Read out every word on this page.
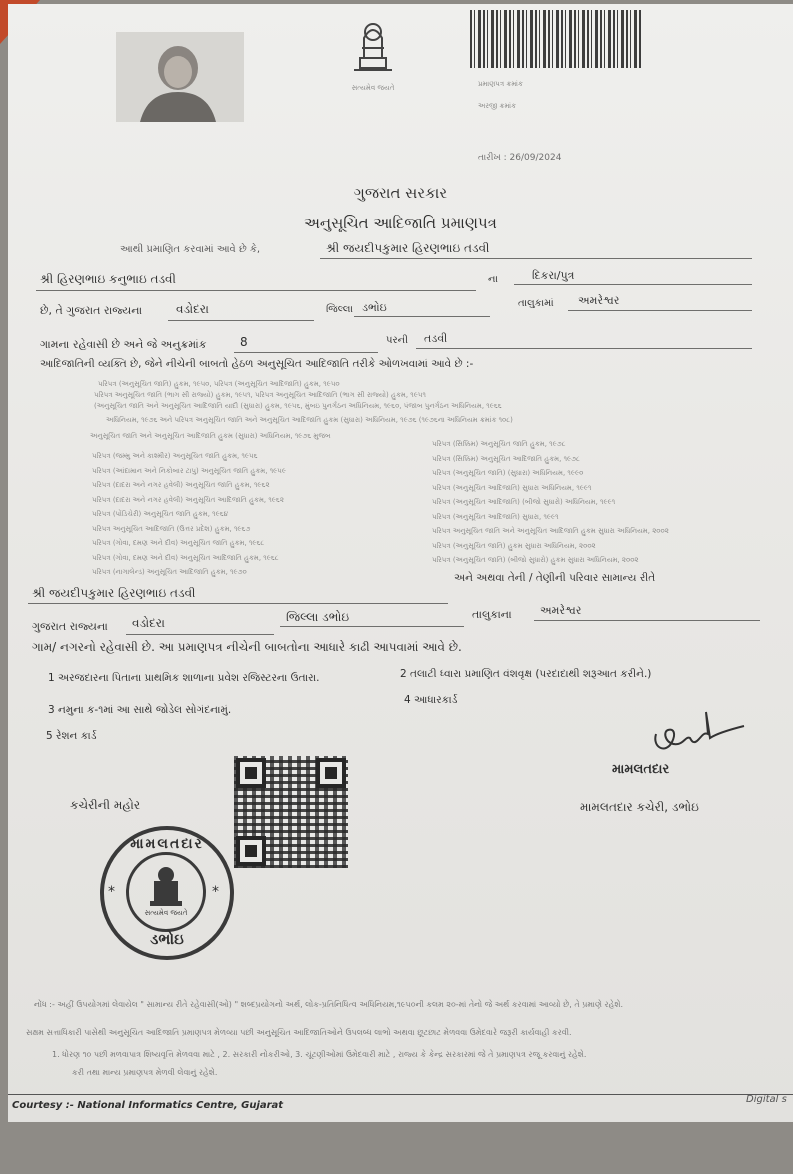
સત્યમેવ જયતે	પ્રમાણપત્ર ક્રમાંક
અરજી ક્રમાંક
તારીખ : 26/09/2024
ગુજરાત સરકાર
અનુસૂચિત આદિજાતિ પ્રમાણપત્ર
આથી પ્રમાણિત કરવામાં આવે છે કે,	શ્રી જયદીપકુમાર હિરણભાઇ તડવી
શ્રી હિરણભાઇ કનુભાઇ તડવી	ના	દિકરા/પુત્ર
છે, તે ગુજરાત રાજ્યના	વડોદરા	જિલ્લા ડભોઇ	તાલુકામાં અમરેશ્વર
ગામના રહેવાસી છે અને જે અનુક્રમાંક	8	પરની તડવી
આદિજાતિની વ્યક્તિ છે, જેને નીચેની બાબતો હેઠળ અનુસૂચિત આદિજાતિ તરીકે ઓળખવામાં આવે છે :-
પરિપત્ર (અનુસૂચિત જાતિ) હુકમ, ૧૯૫૦, પરિપત્ર (અનુસૂચિત આદિજાતિ) હુકમ, ૧૯૫૦
પરિપત્ર અનુસૂચિત જાતિ (ભાગ સી રાજ્યો) હુકમ, ૧૯૫૧, પરિપત્ર અનુસૂચિત આદિજાતિ (ભાગ સી રાજ્યો) હુકમ, ૧૯૫૧
(અનુસૂચિત જાતિ અને અનુસૂચિત આદિજાતિ યાદી (સુધારા) હુકમ, ૧૯૫૬, મુંબઇ પુનર્ગઠન અધિનિયમ, ૧૯૬૦, પંજાબ પુનર્ગઠન અધિનિયમ, ૧૯૬૬
અધિનિયમ, ૧૯૭૬ અને પરિપત્ર અનુસૂચિત જાતિ અને અનુસૂચિત આદિજાતિ હુકમ (સુધારા) અધિનિયમ, ૧૯૭૬ (૧૯૭૬ના અધિનિયમ ક્રમાંક ૧૦૮)
અનુસૂચિત જાતિ અને અનુસૂચિત આદિજાતિ હુકમ (સુધારા) અધિનિયમ, ૧૯૭૬ મુજબ
પરિપત્ર (જમ્મુ અને કાશ્મીર) અનુસૂચિત જાતિ હુકમ, ૧૯૫૬
પરિપત્ર (આંદામાન અને નિકોબાર ટાપુ) અનુસૂચિત જાતિ હુકમ, ૧૯૫૯
પરિપત્ર (દાદરા અને નગર હવેલી) અનુસૂચિત જાતિ હુકમ, ૧૯૬૨
પરિપત્ર (દાદરા અને નગર હવેલી) અનુસૂચિત આદિજાતિ હુકમ, ૧૯૬૨
પરિપત્ર (પોંડિચેરી) અનુસૂચિત જાતિ હુકમ, ૧૯૬૪
પરિપત્ર અનુસૂચિત આદિજાતિ (ઉત્તર પ્રદેશ) હુકમ, ૧૯૬૭
પરિપત્ર (ગોવા, દમણ અને દીવ) અનુસૂચિત જાતિ હુકમ, ૧૯૬૮
પરિપત્ર (ગોવા, દમણ અને દીવ) અનુસૂચિત આદિજાતિ હુકમ, ૧૯૬૮
પરિપત્ર (નાગાલેન્ડ) અનુસૂચિત આદિજાતિ હુકમ, ૧૯૭૦
પરિપત્ર (સિક્કિમ) અનુસૂચિત જાતિ હુકમ, ૧૯૭૮
પરિપત્ર (સિક્કિમ) અનુસૂચિત આદિજાતિ હુકમ, ૧૯૭૮
પરિપત્ર (અનુસૂચિત જાતિ) (સુધારા) અધિનિયમ, ૧૯૯૦
પરિપત્ર (અનુસૂચિત આદિજાતિ) સુધારા અધિનિયમ, ૧૯૯૧
પરિપત્ર (અનુસૂચિત આદિજાતિ) (બીજો સુધારો) અધિનિયમ, ૧૯૯૧
પરિપત્ર (અનુસૂચિત આદિજાતિ) સુધારા, ૧૯૯૧
પરિપત્ર અનુસૂચિત જાતિ અને અનુસૂચિત આદિજાતિ હુકમ સુધારા અધિનિયમ, ૨૦૦૨
પરિપત્ર (અનુસૂચિત જાતિ) હુકમ સુધારા અધિનિયમ, ૨૦૦૨
પરિપત્ર (અનુસૂચિત જાતિ) (બીજો સુધારો) હુકમ સુધારા અધિનિયમ, ૨૦૦૨
શ્રી જયદીપકુમાર હિરણભાઇ તડવી
અને અથવા તેની / તેણીની પરિવાર સામાન્ય રીતે
ગુજરાત રાજ્યના વડોદરા	જિલ્લા ડભોઇ	તાલુકાના	અમરેશ્વર
ગામ/ નગરનો રહેવાસી છે. આ પ્રમાણપત્ર નીચેની બાબતોના આધારે કાઢી આપવામાં આવે છે.
1 અરજદારના પિતાના પ્રાથમિક શાળાના પ્રવેશ રજિસ્ટરના ઉતારા.	2 તલાટી ધ્વારા પ્રમાણિત વંશવૃક્ષ (પરદાદાથી શરૂઆત કરીને.)
3 નમુના ક-૧માં આ સાથે જોડેલ સોગંદનામું.
4 આધારકાર્ડ
5 રેશન કાર્ડ
મામલતદાર
મામલતદાર કચેરી, ડભોઇ
કચેરીની મહોર
મામલતદાર
સત્યમેવ જયતે
*	*
ડભોઇ
નોંધ :- અહીં ઉપયોગમાં લેવાયેલ " સામાન્ય રીતે રહેવાસી(ઓ) " શબ્દપ્રયોગનો અર્થ, લોક-પ્રતિનિધિત્વ અધિનિયમ,૧૯૫૦ની કલમ ૨૦-માં તેનો જે અર્થ કરવામાં આવ્યો છે, તે પ્રમાણે રહેશે.
સક્ષમ સત્તાધિકારી પાસેથી અનુસૂચિત આદિજાતિ પ્રમાણપત્ર મેળવ્યા પછી અનુસૂચિત આદિજાતિઓને ઉપલબ્ધ લાભો અથવા છૂટછાટ મેળવવા ઉમેદવારે જરૂરી કાર્યવાહી કરવી.
1. ધોરણ ૧૦ પછી મળવાપાત્ર શિષ્યવૃત્તિ મેળવવા માટે , 2. સરકારી નોકરીઓ, 3. ચૂંટણીઓમાં ઉમેદવારી માટે , રાજ્ય કે કેન્દ્ર સરકારમાં જે તે પ્રમાણપત્ર રજૂ કરવાનું રહેશે.
કરી તથા માન્ય પ્રમાણપત્ર મેળવી લેવાનું રહેશે.
Courtesy :- National Informatics Centre, Gujarat
Digital s
